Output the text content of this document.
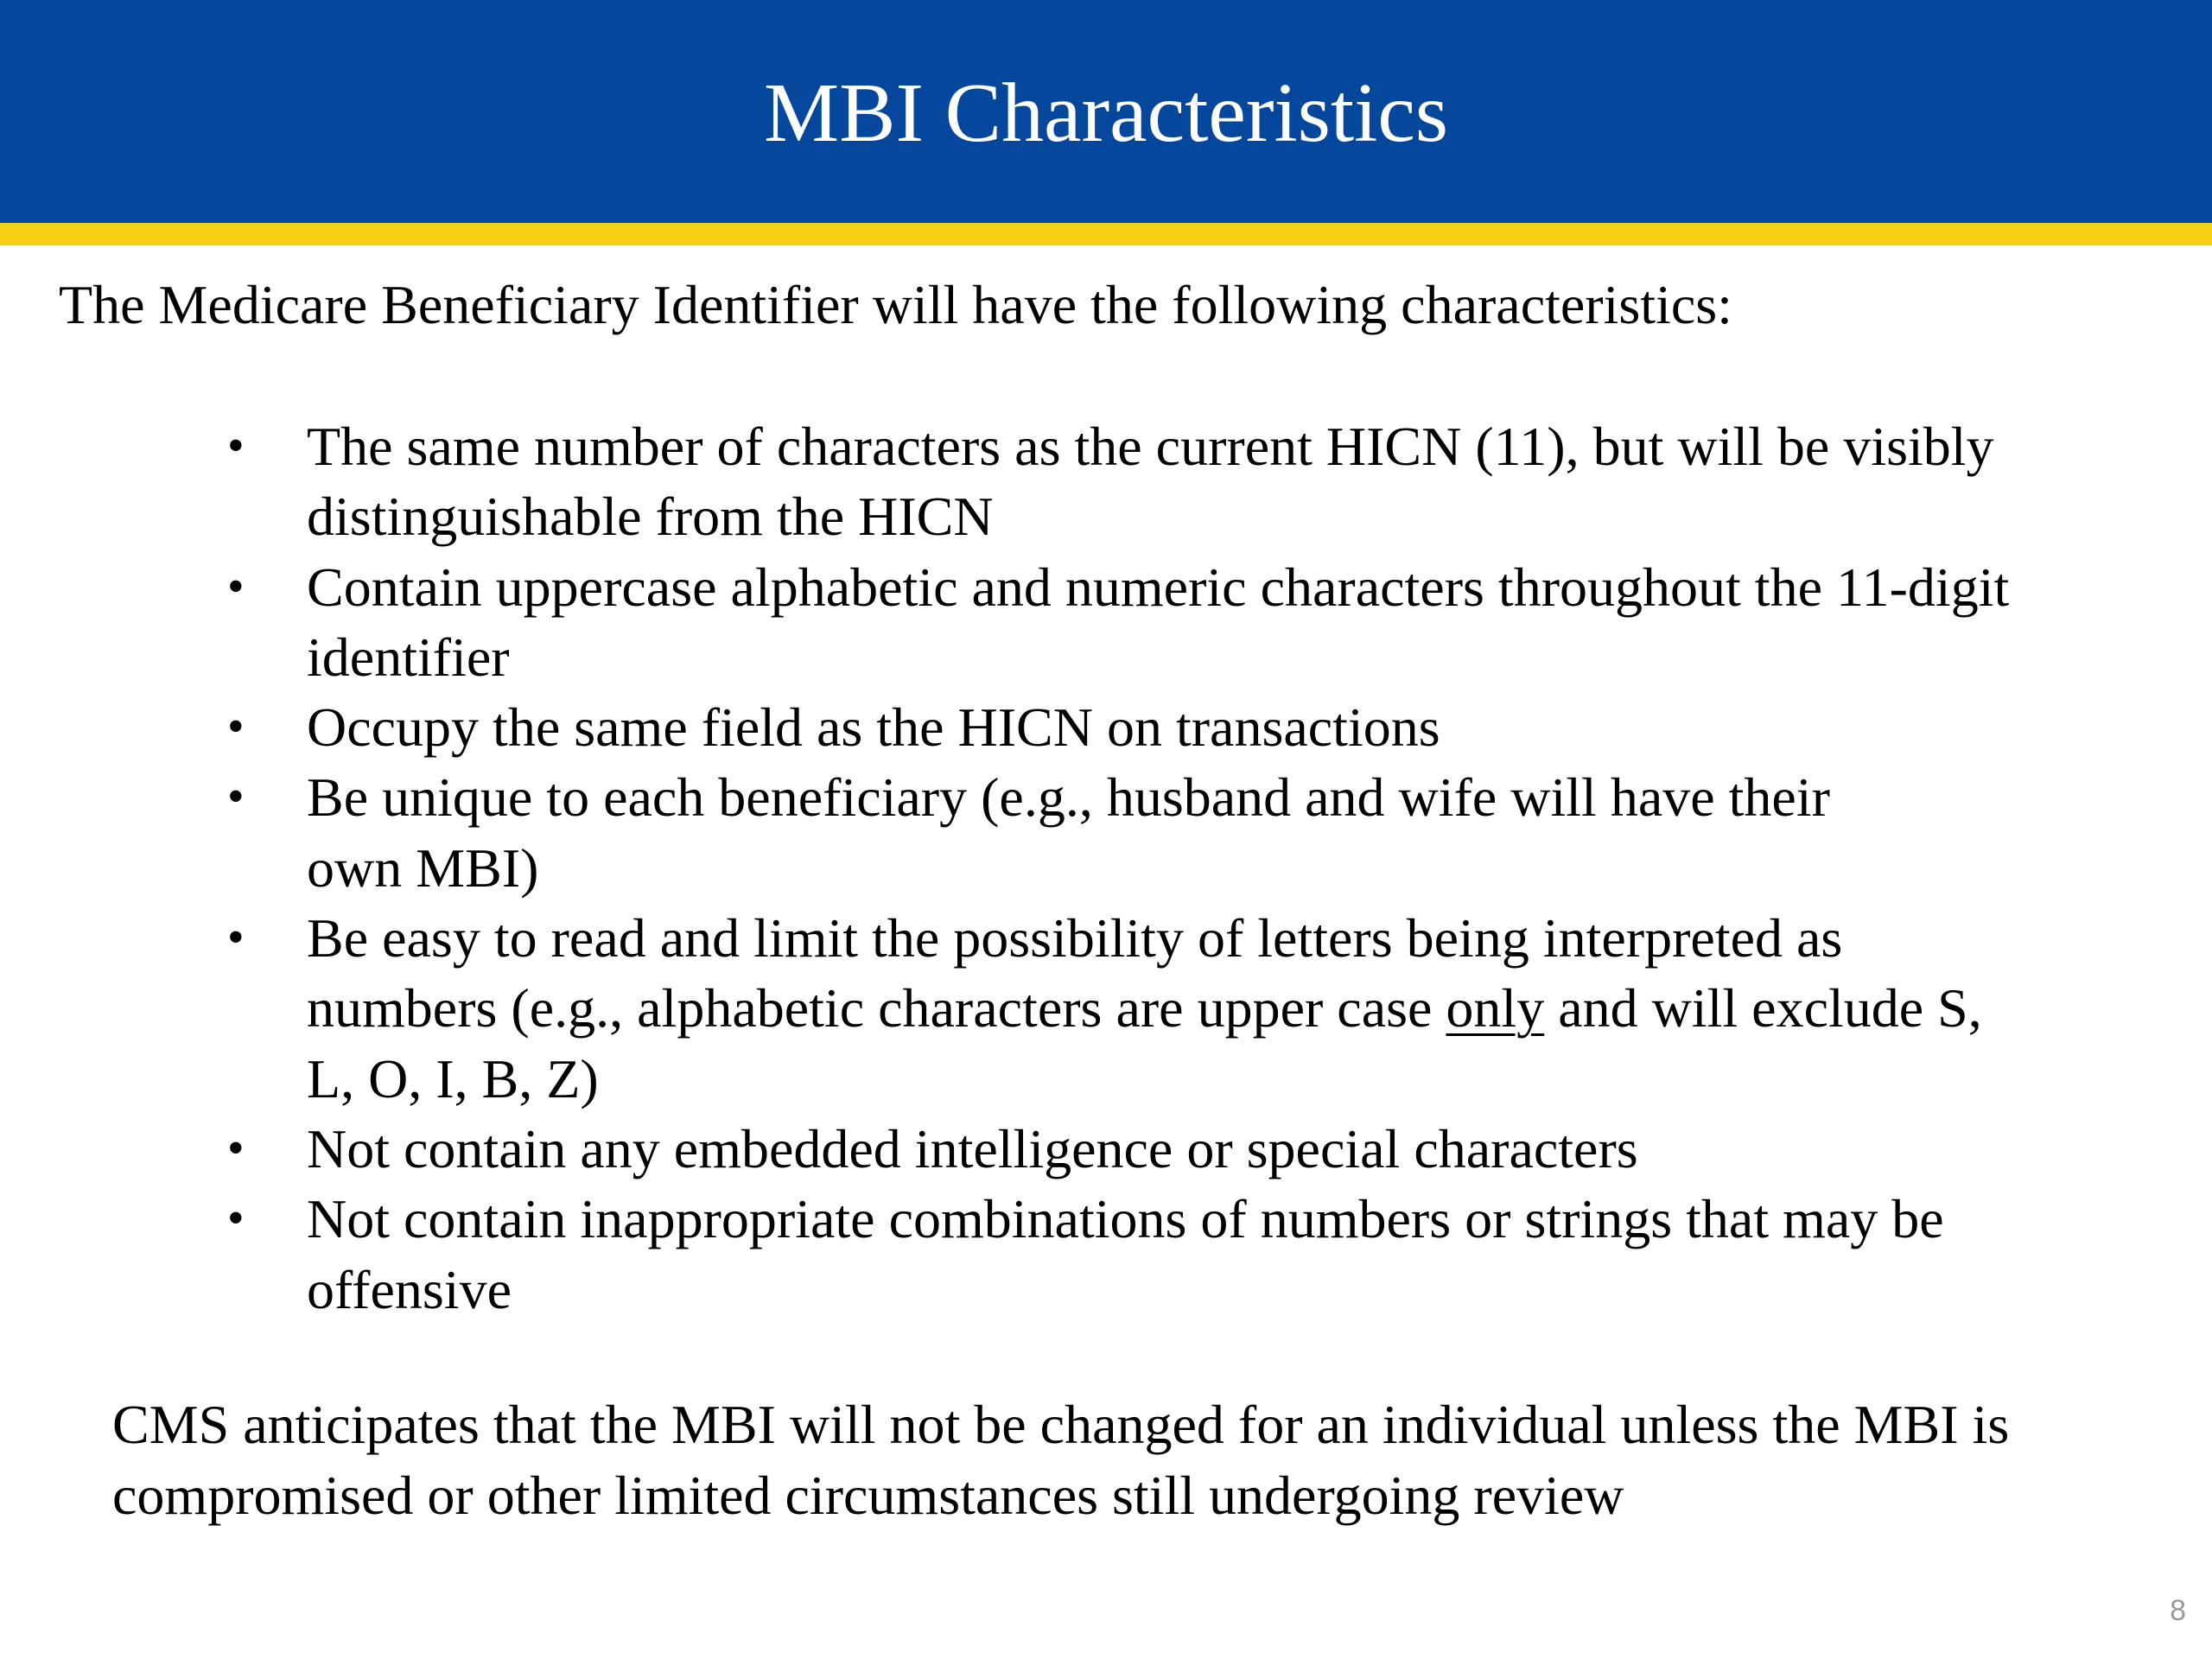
MBI Characteristics

The Medicare Beneficiary Identifier will have the following characteristics:

• The same number of characters as the current HICN (11), but will be visibly
distinguishable from the HICN
• Contain uppercase alphabetic and numeric characters throughout the 11-digit
identifier
• Occupy the same field as the HICN on transactions
• Be unique to each beneficiary (e.g., husband and wife will have their
own MBI)
• Be easy to read and limit the possibility of letters being interpreted as
numbers (e.g., alphabetic characters are upper case only and will exclude S,
L, O, I, B, Z)
• Not contain any embedded intelligence or special characters
• Not contain inappropriate combinations of numbers or strings that may be
offensive

CMS anticipates that the MBI will not be changed for an individual unless the MBI is
compromised or other limited circumstances still undergoing review

8
